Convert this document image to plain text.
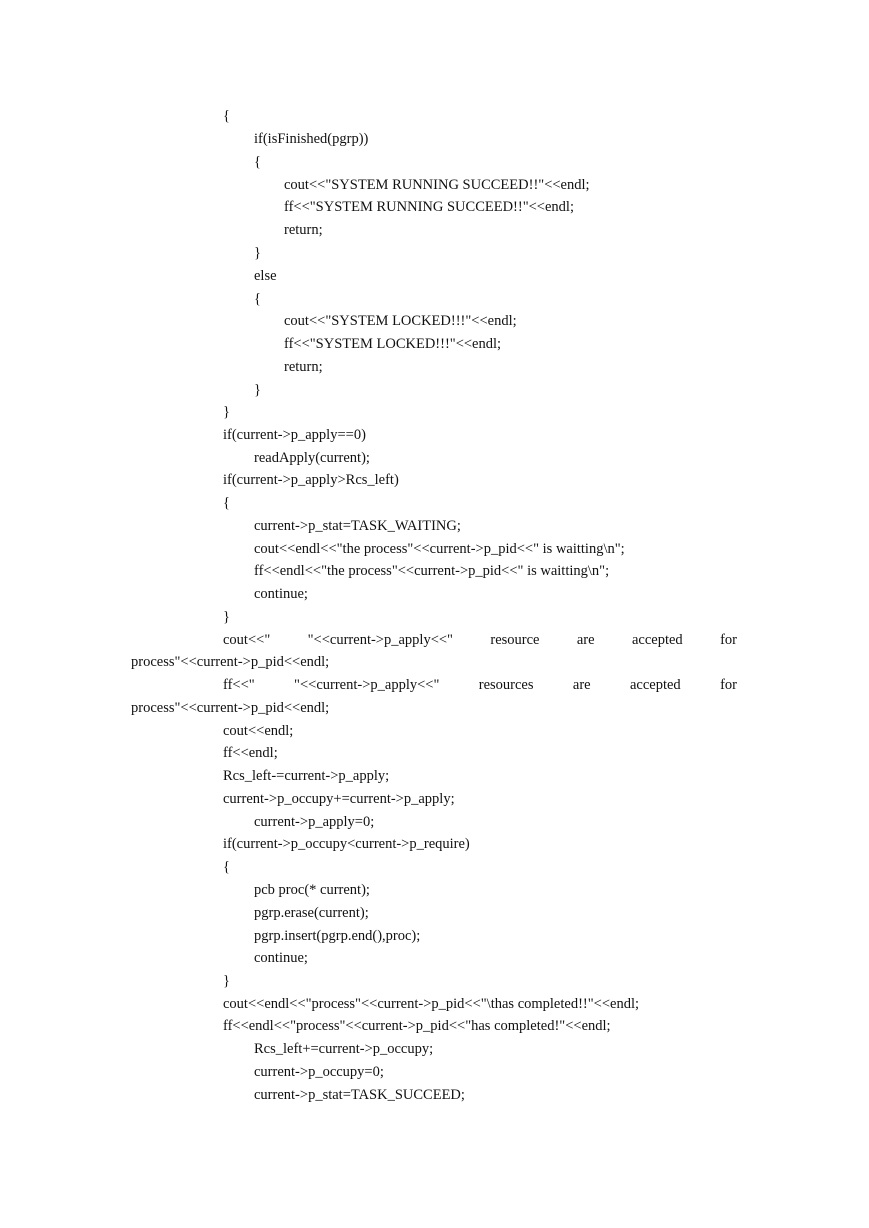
{
if(isFinished(pgrp))
{
cout<<"SYSTEM RUNNING SUCCEED!!"<<endl;
ff<<"SYSTEM RUNNING SUCCEED!!"<<endl;
return;
}
else
{
cout<<"SYSTEM LOCKED!!!"<<endl;
ff<<"SYSTEM LOCKED!!!"<<endl;
return;
}
}
if(current->p_apply==0)
readApply(current);
if(current->p_apply>Rcs_left)
{
current->p_stat=TASK_WAITING;
cout<<endl<<"the process"<<current->p_pid<<" is waitting\n";
ff<<endl<<"the process"<<current->p_pid<<" is waitting\n";
continue;
}
cout<<"	"<<current->p_apply<<"	resource	are	accepted	for
process"<<current->p_pid<<endl;
ff<<"	"<<current->p_apply<<"	resources	are	accepted	for
process"<<current->p_pid<<endl;
cout<<endl;
ff<<endl;
Rcs_left-=current->p_apply;
current->p_occupy+=current->p_apply;
current->p_apply=0;
if(current->p_occupy<current->p_require)
{
pcb proc(* current);
pgrp.erase(current);
pgrp.insert(pgrp.end(),proc);
continue;
}
cout<<endl<<"process"<<current->p_pid<<"\thas completed!!"<<endl;
ff<<endl<<"process"<<current->p_pid<<"has completed!"<<endl;
Rcs_left+=current->p_occupy;
current->p_occupy=0;
current->p_stat=TASK_SUCCEED;
